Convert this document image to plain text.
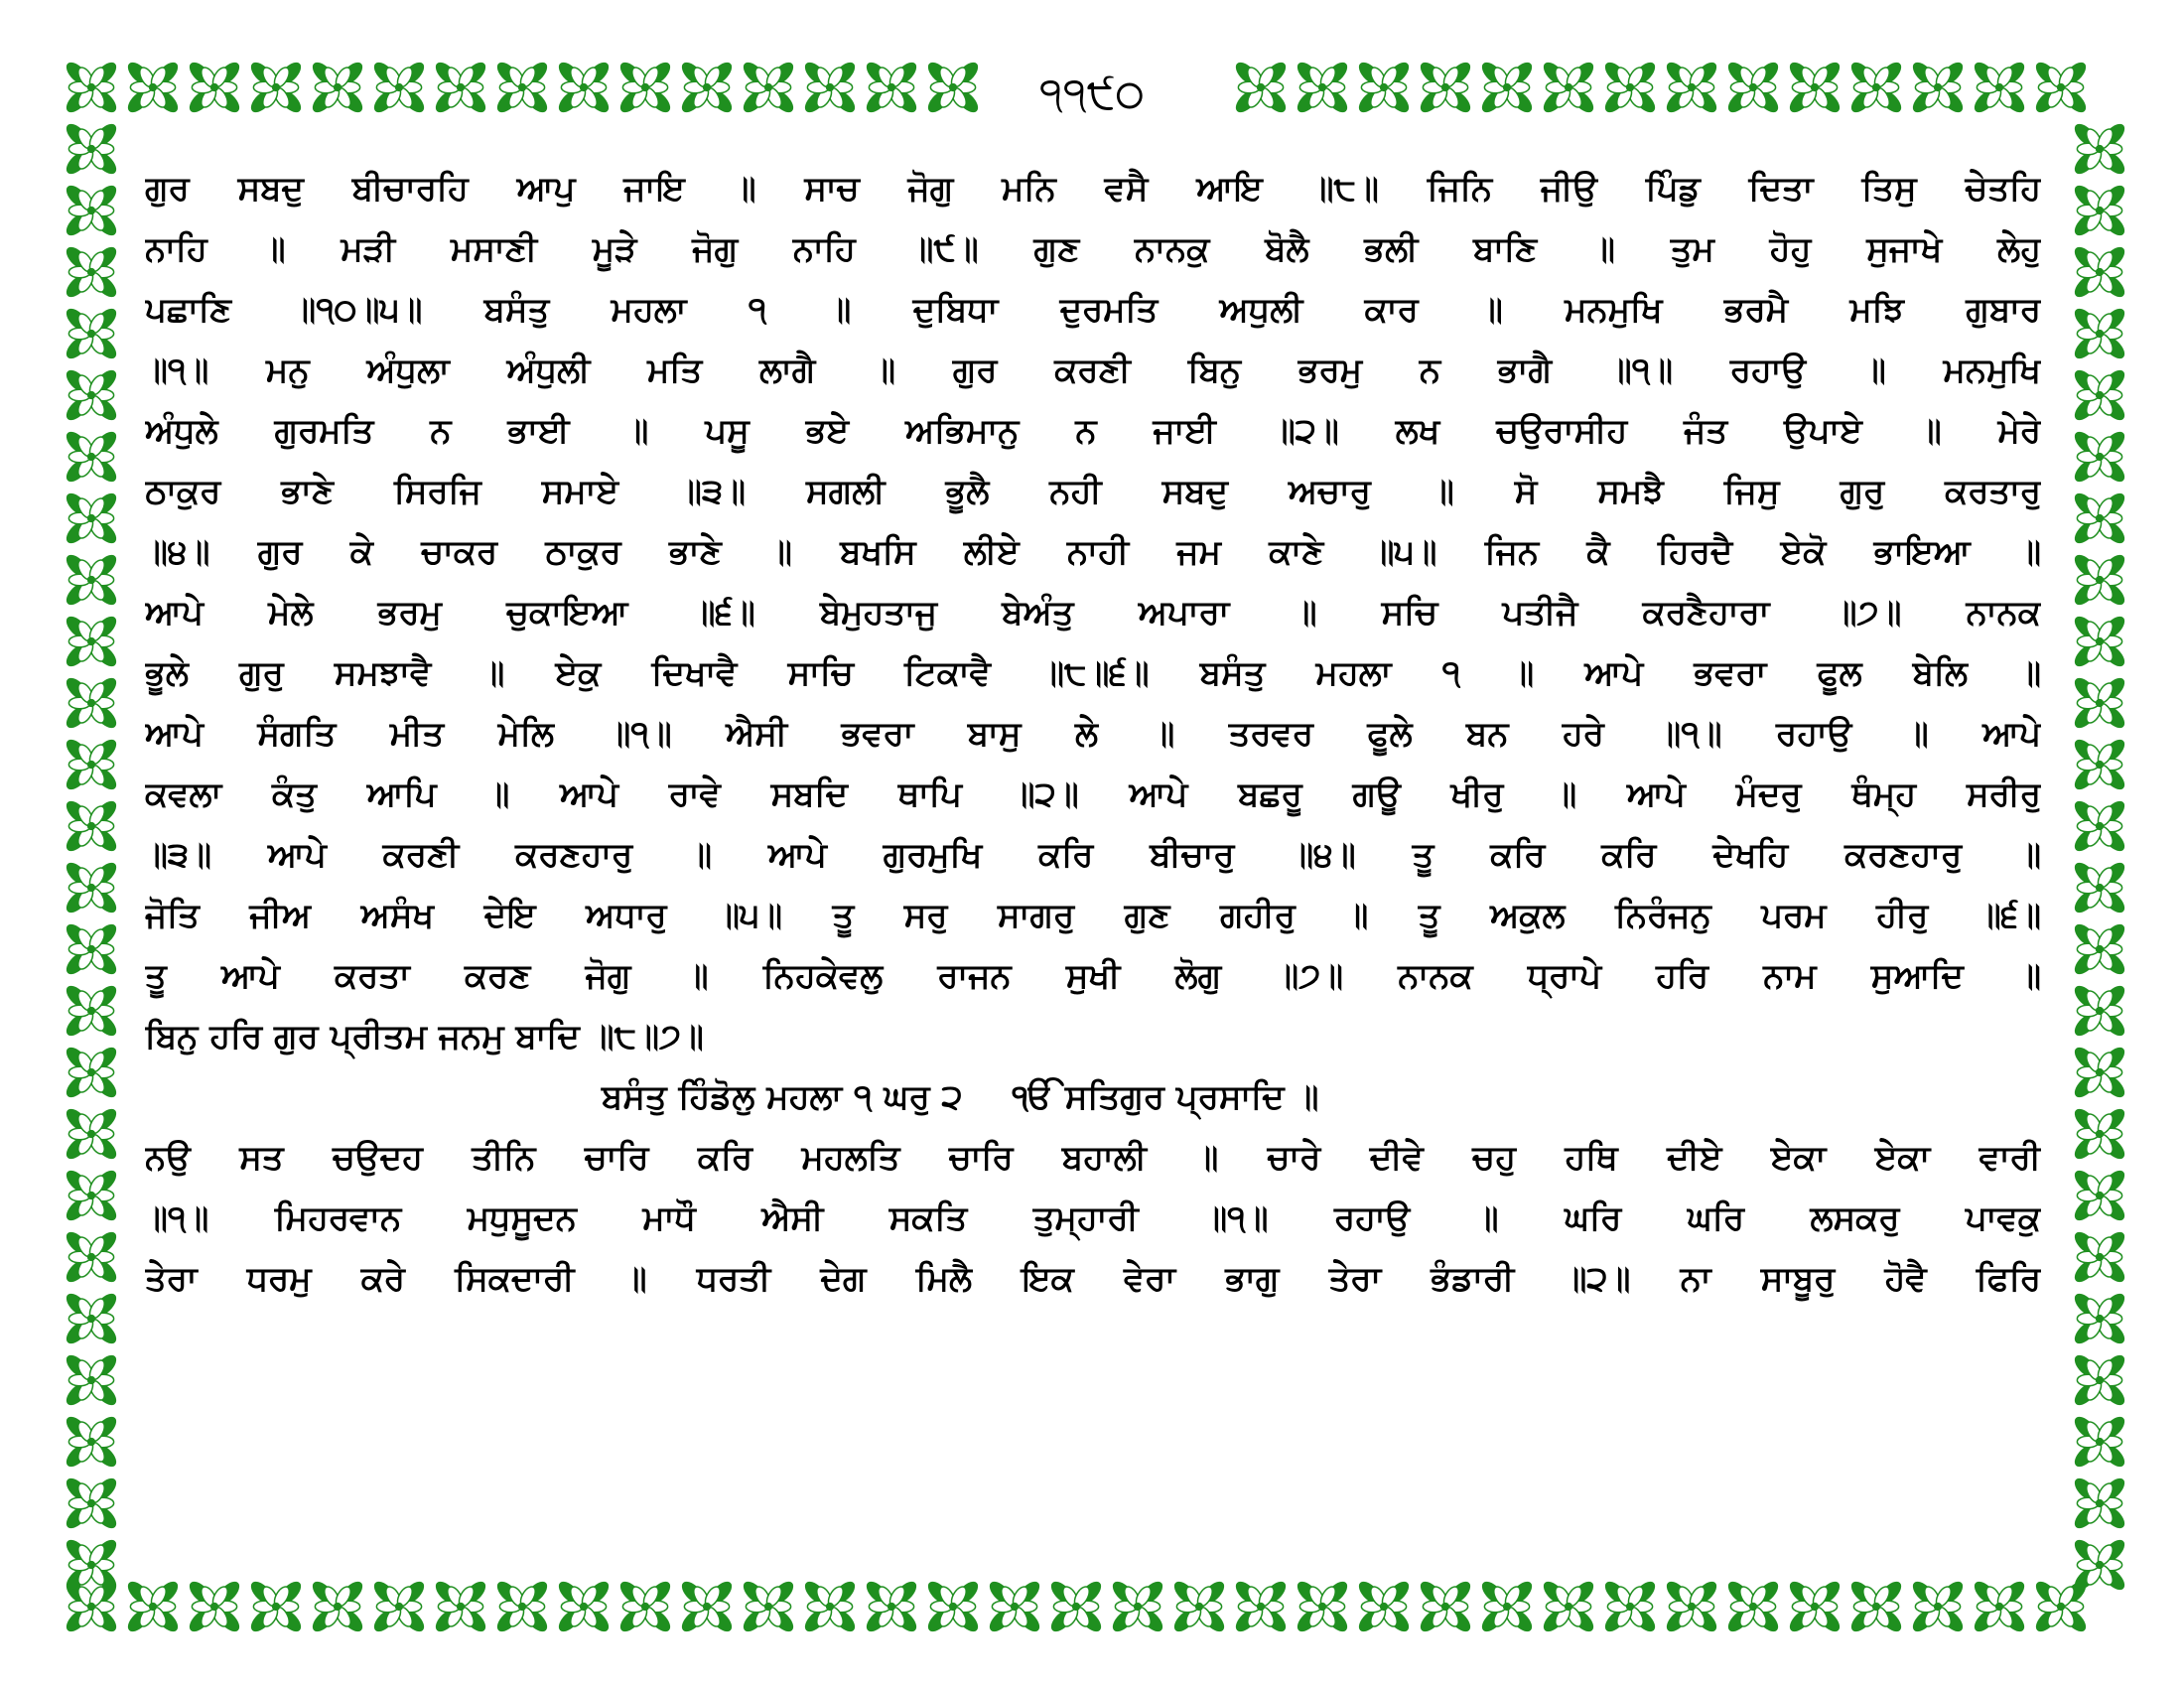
੧੧੯੦
ਗੁਰ ਸਬਦੁ ਬੀਚਾਰਹਿ ਆਪੁ ਜਾਇ ॥ ਸਾਚ ਜੋਗੁ ਮਨਿ ਵਸੈ ਆਇ ॥੮॥ ਜਿਨਿ ਜੀਉ ਪਿੰਡੁ ਦਿਤਾ ਤਿਸੁ ਚੇਤਹਿ
ਨਾਹਿ ॥ ਮੜੀ ਮਸਾਣੀ ਮੂੜੇ ਜੋਗੁ ਨਾਹਿ ॥੯॥ ਗੁਣ ਨਾਨਕੁ ਬੋਲੈ ਭਲੀ ਬਾਣਿ ॥ ਤੁਮ ਹੋਹੁ ਸੁਜਾਖੇ ਲੇਹੁ
ਪਛਾਣਿ ॥੧੦॥੫॥ ਬਸੰਤੁ ਮਹਲਾ ੧ ॥ ਦੁਬਿਧਾ ਦੁਰਮਤਿ ਅਧੁਲੀ ਕਾਰ ॥ ਮਨਮੁਖਿ ਭਰਮੈ ਮਝਿ ਗੁਬਾਰ
॥੧॥ ਮਨੁ ਅੰਧੁਲਾ ਅੰਧੁਲੀ ਮਤਿ ਲਾਗੈ ॥ ਗੁਰ ਕਰਣੀ ਬਿਨੁ ਭਰਮੁ ਨ ਭਾਗੈ ॥੧॥ ਰਹਾਉ ॥ ਮਨਮੁਖਿ
ਅੰਧੁਲੇ ਗੁਰਮਤਿ ਨ ਭਾਈ ॥ ਪਸੂ ਭਏ ਅਭਿਮਾਨੁ ਨ ਜਾਈ ॥੨॥ ਲਖ ਚਉਰਾਸੀਹ ਜੰਤ ਉਪਾਏ ॥ ਮੇਰੇ
ਠਾਕੁਰ ਭਾਣੇ ਸਿਰਜਿ ਸਮਾਏ ॥੩॥ ਸਗਲੀ ਭੂਲੈ ਨਹੀ ਸਬਦੁ ਅਚਾਰੁ ॥ ਸੋ ਸਮਝੈ ਜਿਸੁ ਗੁਰੁ ਕਰਤਾਰੁ
॥੪॥ ਗੁਰ ਕੇ ਚਾਕਰ ਠਾਕੁਰ ਭਾਣੇ ॥ ਬਖਸਿ ਲੀਏ ਨਾਹੀ ਜਮ ਕਾਣੇ ॥੫॥ ਜਿਨ ਕੈ ਹਿਰਦੈ ਏਕੋ ਭਾਇਆ ॥
ਆਪੇ ਮੇਲੇ ਭਰਮੁ ਚੁਕਾਇਆ ॥੬॥ ਬੇਮੁਹਤਾਜੁ ਬੇਅੰਤੁ ਅਪਾਰਾ ॥ ਸਚਿ ਪਤੀਜੈ ਕਰਣੈਹਾਰਾ ॥੭॥ ਨਾਨਕ
ਭੂਲੇ ਗੁਰੁ ਸਮਝਾਵੈ ॥ ਏਕੁ ਦਿਖਾਵੈ ਸਾਚਿ ਟਿਕਾਵੈ ॥੮॥੬॥ ਬਸੰਤੁ ਮਹਲਾ ੧ ॥ ਆਪੇ ਭਵਰਾ ਫੂਲ ਬੇਲਿ ॥
ਆਪੇ ਸੰਗਤਿ ਮੀਤ ਮੇਲਿ ॥੧॥ ਐਸੀ ਭਵਰਾ ਬਾਸੁ ਲੇ ॥ ਤਰਵਰ ਫੂਲੇ ਬਨ ਹਰੇ ॥੧॥ ਰਹਾਉ ॥ ਆਪੇ
ਕਵਲਾ ਕੰਤੁ ਆਪਿ ॥ ਆਪੇ ਰਾਵੇ ਸਬਦਿ ਥਾਪਿ ॥੨॥ ਆਪੇ ਬਛਰੂ ਗਊ ਖੀਰੁ ॥ ਆਪੇ ਮੰਦਰੁ ਥੰਮ੍ਹ ਸਰੀਰੁ
॥੩॥ ਆਪੇ ਕਰਣੀ ਕਰਣਹਾਰੁ ॥ ਆਪੇ ਗੁਰਮੁਖਿ ਕਰਿ ਬੀਚਾਰੁ ॥੪॥ ਤੂ ਕਰਿ ਕਰਿ ਦੇਖਹਿ ਕਰਣਹਾਰੁ ॥
ਜੋਤਿ ਜੀਅ ਅਸੰਖ ਦੇਇ ਅਧਾਰੁ ॥੫॥ ਤੂ ਸਰੁ ਸਾਗਰੁ ਗੁਣ ਗਹੀਰੁ ॥ ਤੂ ਅਕੁਲ ਨਿਰੰਜਨੁ ਪਰਮ ਹੀਰੁ ॥੬॥
ਤੂ ਆਪੇ ਕਰਤਾ ਕਰਣ ਜੋਗੁ ॥ ਨਿਹਕੇਵਲੁ ਰਾਜਨ ਸੁਖੀ ਲੋਗੁ ॥੭॥ ਨਾਨਕ ਧ੍ਰਾਪੇ ਹਰਿ ਨਾਮ ਸੁਆਦਿ ॥
ਬਿਨੁ ਹਰਿ ਗੁਰ ਪ੍ਰੀਤਮ ਜਨਮੁ ਬਾਦਿ ॥੮॥੭॥
ਬਸੰਤੁ ਹਿੰਡੋਲੁ ਮਹਲਾ ੧ ਘਰੁ ੨ ੴ ਸਤਿਗੁਰ ਪ੍ਰਸਾਦਿ ॥
ਨਉ ਸਤ ਚਉਦਹ ਤੀਨਿ ਚਾਰਿ ਕਰਿ ਮਹਲਤਿ ਚਾਰਿ ਬਹਾਲੀ ॥ ਚਾਰੇ ਦੀਵੇ ਚਹੁ ਹਥਿ ਦੀਏ ਏਕਾ ਏਕਾ ਵਾਰੀ
॥੧॥ ਮਿਹਰਵਾਨ ਮਧੁਸੂਦਨ ਮਾਧੌ ਐਸੀ ਸਕਤਿ ਤੁਮ੍ਹਾਰੀ ॥੧॥ ਰਹਾਉ ॥ ਘਰਿ ਘਰਿ ਲਸਕਰੁ ਪਾਵਕੁ
ਤੇਰਾ ਧਰਮੁ ਕਰੇ ਸਿਕਦਾਰੀ ॥ ਧਰਤੀ ਦੇਗ ਮਿਲੈ ਇਕ ਵੇਰਾ ਭਾਗੁ ਤੇਰਾ ਭੰਡਾਰੀ ॥੨॥ ਨਾ ਸਾਬੂਰੁ ਹੋਵੈ ਫਿਰਿ
